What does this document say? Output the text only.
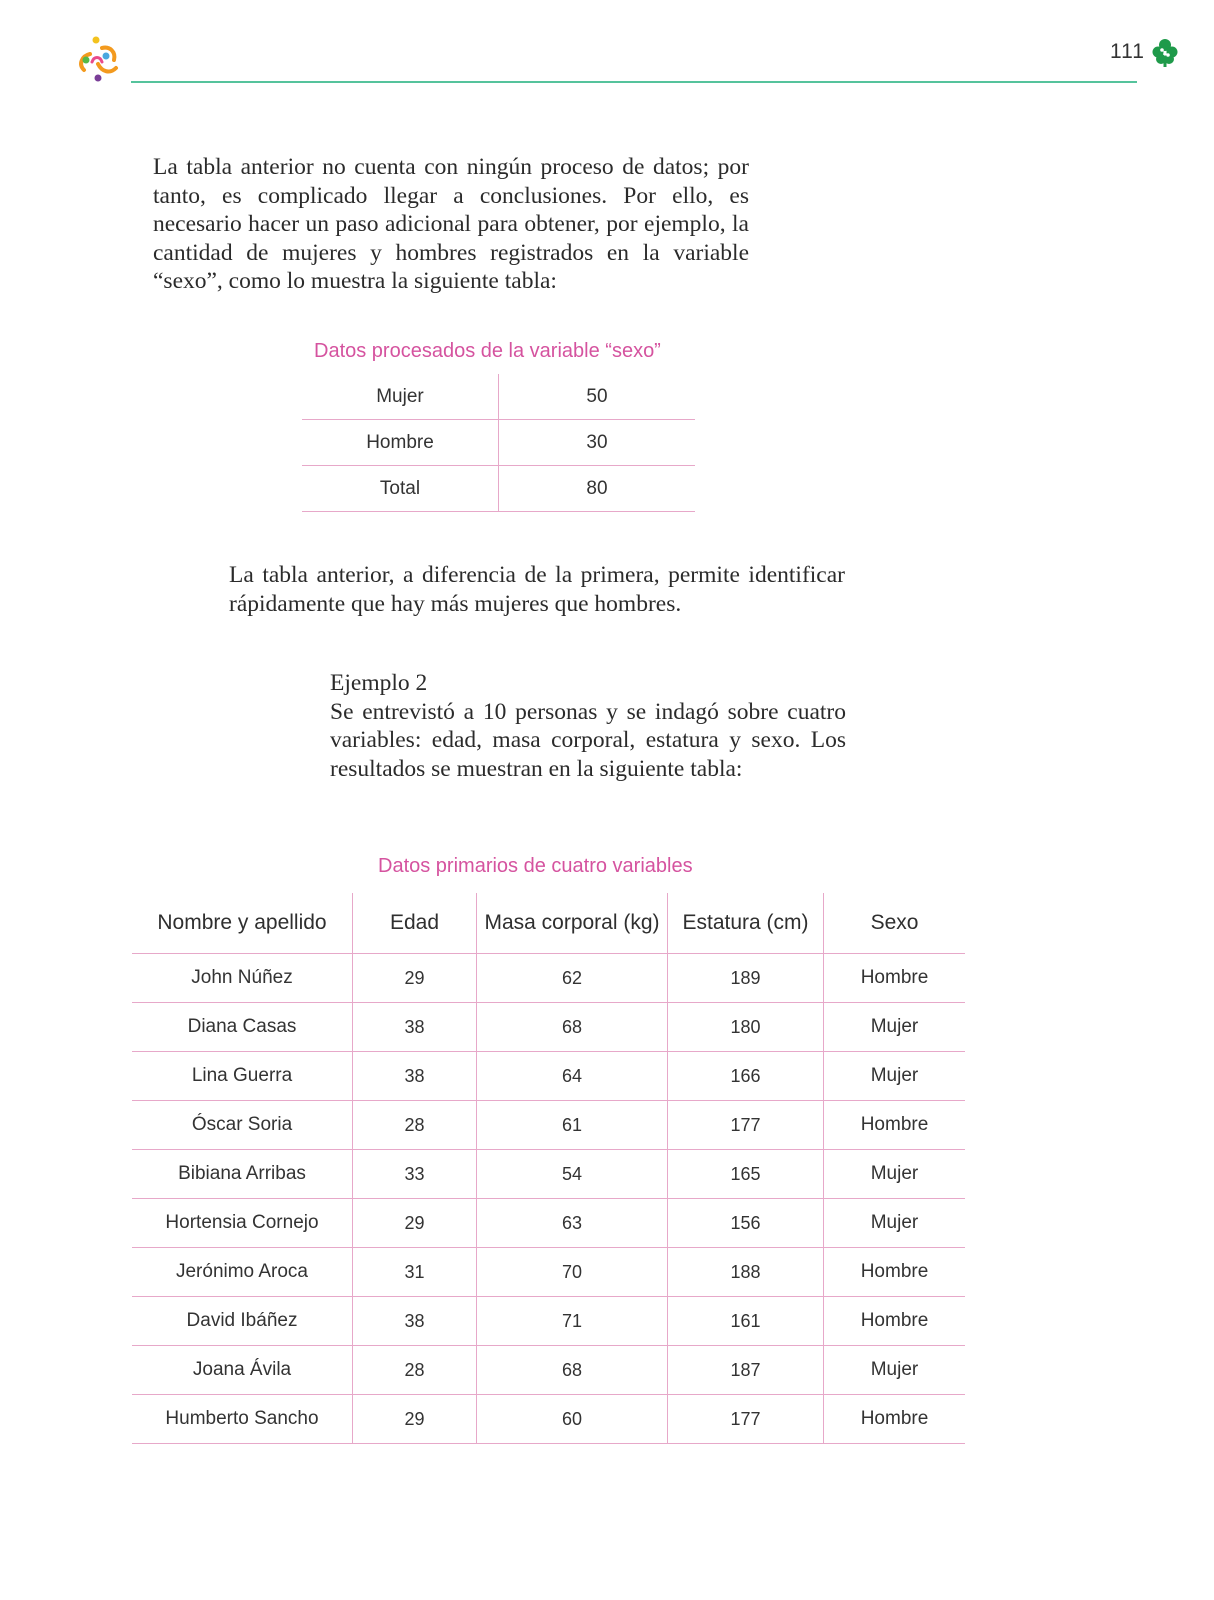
111
La tabla anterior no cuenta con ningún proceso de datos; por tanto, es complicado llegar a conclusiones. Por ello, es necesario hacer un paso adicional para obtener, por ejemplo, la cantidad de mujeres y hombres registrados en la variable “sexo”, como lo muestra la siguiente tabla:
Datos procesados de la variable “sexo”
Mujer	50
Hombre	30
Total	80
La tabla anterior, a diferencia de la primera, permite identificar rápidamente que hay más mujeres que hombres.
Ejemplo 2
Se entrevistó a 10 personas y se indagó sobre cuatro variables: edad, masa corporal, estatura y sexo. Los resultados se muestran en la siguiente tabla:
Datos primarios de cuatro variables
Nombre y apellido	Edad	Masa corporal (kg)	Estatura (cm)	Sexo
John Núñez	29	62	189	Hombre
Diana Casas	38	68	180	Mujer
Lina Guerra	38	64	166	Mujer
Óscar Soria	28	61	177	Hombre
Bibiana Arribas	33	54	165	Mujer
Hortensia Cornejo	29	63	156	Mujer
Jerónimo Aroca	31	70	188	Hombre
David Ibáñez	38	71	161	Hombre
Joana Ávila	28	68	187	Mujer
Humberto Sancho	29	60	177	Hombre
